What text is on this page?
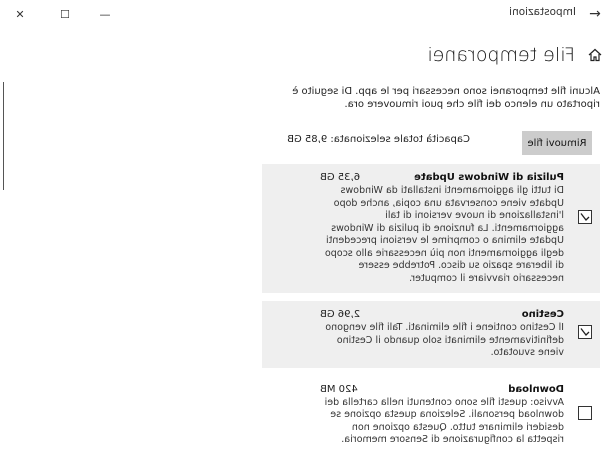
←
Impostazioni
—
☐
✕
File temporanei

Alcuni file temporanei sono necessari per le app. Di seguito è riportato un elenco dei file che puoi rimuovere ora.

Rimuovi file
Capacità totale selezionata: 9,85 GB
Pulizia di Windows Update
6,35 GB

Di tutti gli aggiornamenti installati da Windows Update viene conservata una copia, anche dopo l'installazione di nuove versioni di tali aggiornamenti. La funzione di pulizia di Windows Update elimina o comprime le versioni precedenti degli aggiornamenti non più necessarie allo scopo di liberare spazio su disco. Potrebbe essere necessario riavviare il computer.

Cestino
2,96 GB

Il Cestino contiene i file eliminati. Tali file vengono definitivamente eliminati solo quando il Cestino viene svuotato.

Download
420 MB

Avviso: questi file sono contenuti nella cartella dei download personali. Seleziona questa opzione se desideri eliminare tutto. Questa opzione non rispetta la configurazione di Sensore memoria.
